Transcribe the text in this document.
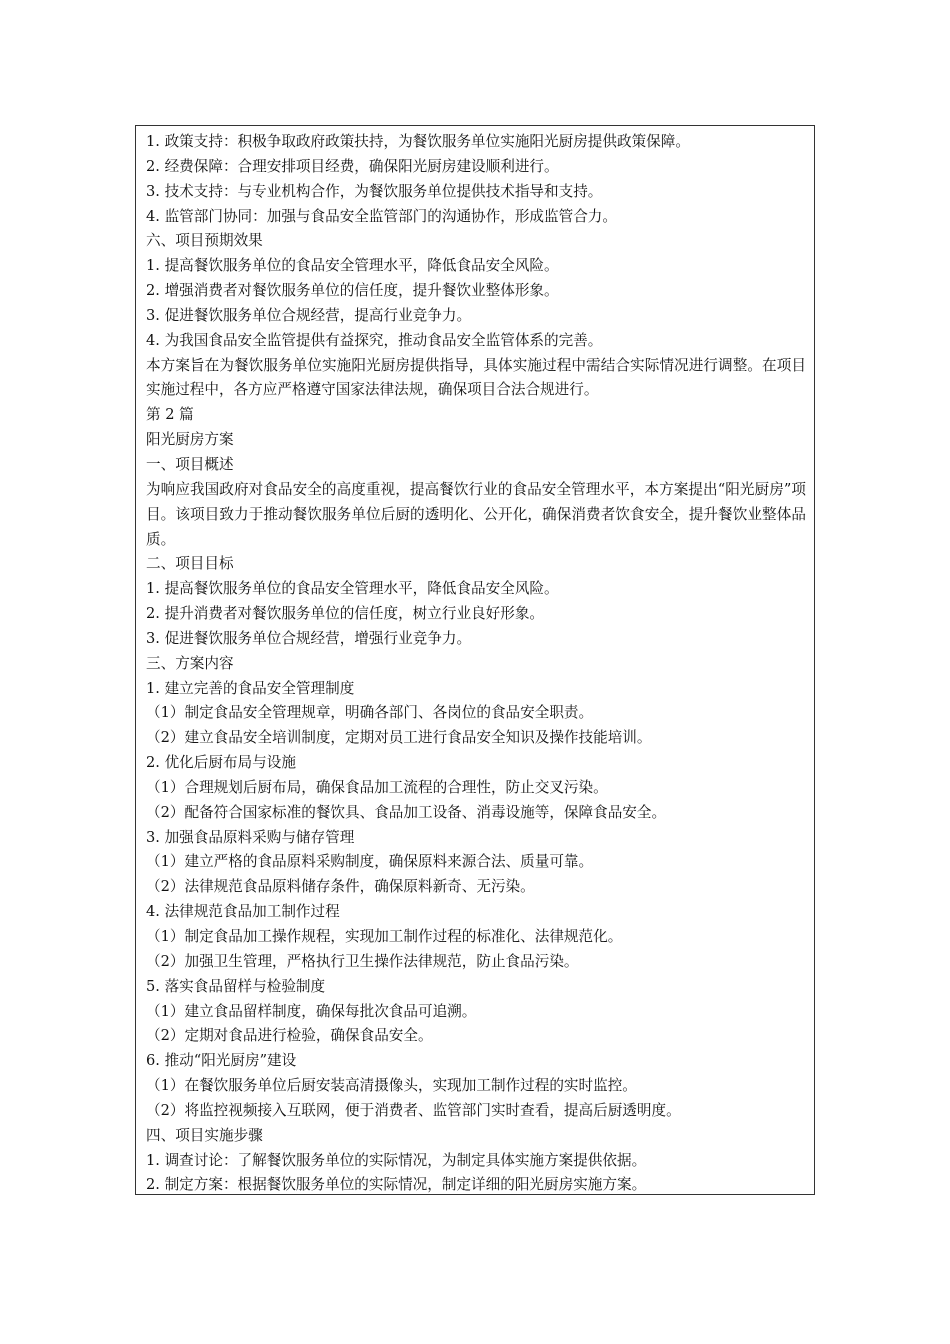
1. 政策支持：积极争取政府政策扶持，为餐饮服务单位实施阳光厨房提供政策保障。
2. 经费保障：合理安排项目经费，确保阳光厨房建设顺利进行。
3. 技术支持：与专业机构合作，为餐饮服务单位提供技术指导和支持。
4. 监管部门协同：加强与食品安全监管部门的沟通协作，形成监管合力。
六、项目预期效果
1. 提高餐饮服务单位的食品安全管理水平，降低食品安全风险。
2. 增强消费者对餐饮服务单位的信任度，提升餐饮业整体形象。
3. 促进餐饮服务单位合规经营，提高行业竞争力。
4. 为我国食品安全监管提供有益探究，推动食品安全监管体系的完善。
本方案旨在为餐饮服务单位实施阳光厨房提供指导，具体实施过程中需结合实际情况进行调整。在项目实施过程中，各方应严格遵守国家法律法规，确保项目合法合规进行。
第 2 篇
阳光厨房方案
一、项目概述
为响应我国政府对食品安全的高度重视，提高餐饮行业的食品安全管理水平，本方案提出“阳光厨房”项目。该项目致力于推动餐饮服务单位后厨的透明化、公开化，确保消费者饮食安全，提升餐饮业整体品质。
二、项目目标
1. 提高餐饮服务单位的食品安全管理水平，降低食品安全风险。
2. 提升消费者对餐饮服务单位的信任度，树立行业良好形象。
3. 促进餐饮服务单位合规经营，增强行业竞争力。
三、方案内容
1. 建立完善的食品安全管理制度
（1）制定食品安全管理规章，明确各部门、各岗位的食品安全职责。
（2）建立食品安全培训制度，定期对员工进行食品安全知识及操作技能培训。
2. 优化后厨布局与设施
（1）合理规划后厨布局，确保食品加工流程的合理性，防止交叉污染。
（2）配备符合国家标准的餐饮具、食品加工设备、消毒设施等，保障食品安全。
3. 加强食品原料采购与储存管理
（1）建立严格的食品原料采购制度，确保原料来源合法、质量可靠。
（2）法律规范食品原料储存条件，确保原料新奇、无污染。
4. 法律规范食品加工制作过程
（1）制定食品加工操作规程，实现加工制作过程的标准化、法律规范化。
（2）加强卫生管理，严格执行卫生操作法律规范，防止食品污染。
5. 落实食品留样与检验制度
（1）建立食品留样制度，确保每批次食品可追溯。
（2）定期对食品进行检验，确保食品安全。
6. 推动“阳光厨房”建设
（1）在餐饮服务单位后厨安装高清摄像头，实现加工制作过程的实时监控。
（2）将监控视频接入互联网，便于消费者、监管部门实时查看，提高后厨透明度。
四、项目实施步骤
1. 调查讨论：了解餐饮服务单位的实际情况，为制定具体实施方案提供依据。
2. 制定方案：根据餐饮服务单位的实际情况，制定详细的阳光厨房实施方案。
